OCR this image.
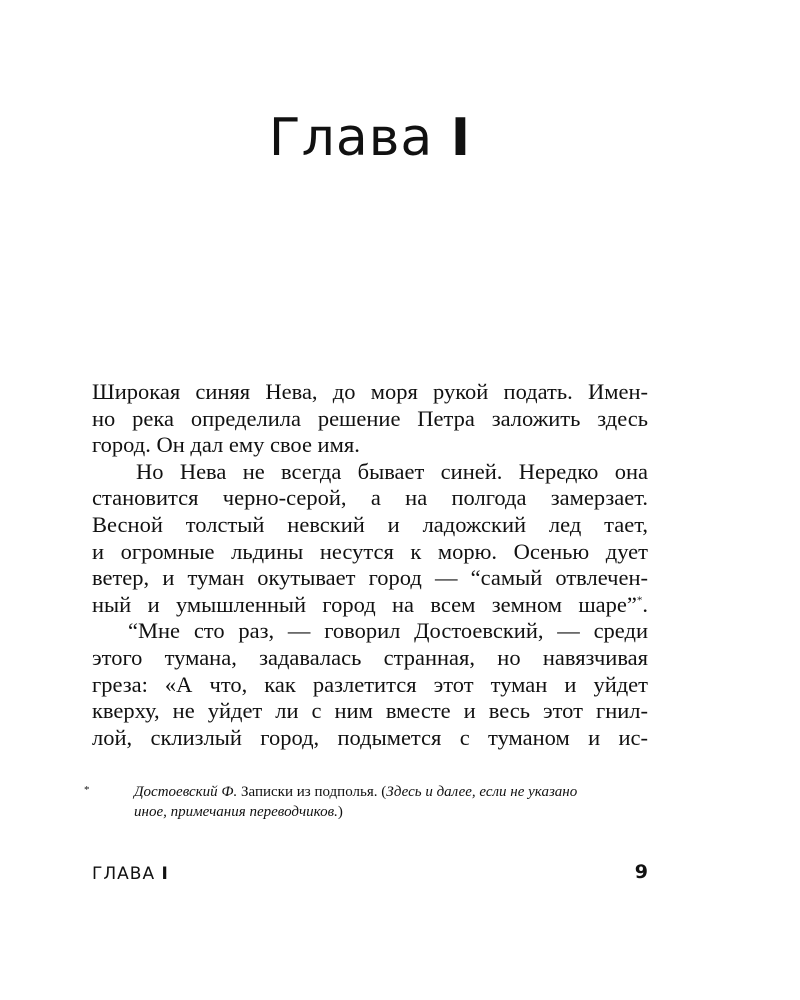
Глава I
Широкая синяя Нева, до моря рукой подать. Имен-
но река определила решение Петра заложить здесь
город. Он дал ему свое имя.
Но Нева не всегда бывает синей. Нередко она
становится черно-серой, а на полгода замерзает.
Весной толстый невский и ладожский лед тает,
и огромные льдины несутся к морю. Осенью дует
ветер, и туман окутывает город — “самый отвлечен-
ный и умышленный город на всем земном шаре”*.
“Мне сто раз, — говорил Достоевский, — среди
этого тумана, задавалась странная, но навязчивая
греза: «А что, как разлетится этот туман и уйдет
кверху, не уйдет ли с ним вместе и весь этот гнил-
лой, склизлый город, подымется с туманом и ис-
*	Достоевский Ф. Записки из подполья. (Здесь и далее, если не указано
иное, примечания переводчиков.)
ГЛАВА I	9
